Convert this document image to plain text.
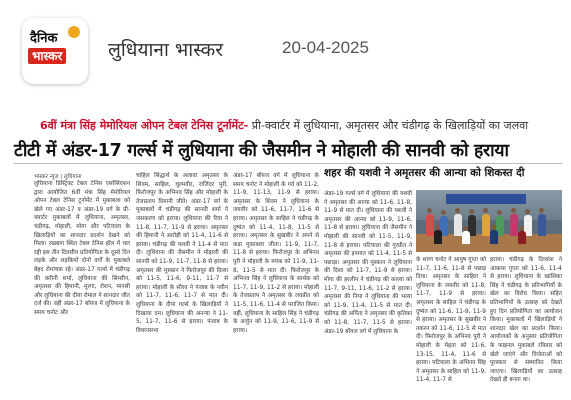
दैनिक
भास्कर लुधियाना भास्कर	20-04-2025
6वीं मंत्रा सिंह मेमोरियल ओपन टेबल टेनिस टूर्नामेंट- प्री-क्वार्टर में लुधियाना, अमृतसर और चंडीगढ़ के खिलाड़ियों का जलवा
टीटी में अंडर-17 गर्ल्स में लुधियाना की जैसमीन ने मोहाली की सानवी को हराया
भास्कर न्यूज | लुधियाना
लुधियाना डिस्ट्रिक्ट टेबल टेनिस एसोसिएशन द्वारा आयोजित 6वीं मंत्रा सिंह मेमोरियल ओपन टेबल टेनिस टूर्नामेंट में मुकाबला को खेले गए अंडर-17 व अंडर-19 वर्ग के प्री-क्वार्टर मुकाबलों में लुधियाना, अमृतसर, चंडीगढ़, मोहाली, मोगा और पटियाला के खिलाड़ियों का शानदार प्रदर्शन देखने को मिला। रखबाग स्थित टेबल टेनिस हॉल में चल रही इस तीन दिवसीय प्रतियोगिता के दूसरे दिन लड़के और लड़कियों दोनों वर्गों के मुकाबले बेहद रोमांचक रहे। अंडर-17 गर्ल्स में चंडीगढ़ की करीनी शर्मा, लुधियाना की सिमरीन, अमृतसर की हिमानी, मुरगा, रोशन, मानसी और लुधियाना की दीया रोमाल ने शानदार जीत दर्ज की। वहीं अंडर-17 बॉयज में लुधियाना के समय चनोट और
चाहिल सिद्धार्थ के अलावा अमृतसर के शिवम, साहिल, चुल्मवीर, राजिंदर पुरी, फिरोजपुर के अभिनव सिंह और मोहाली के तेजप्रताप विमानी जीते। अंडर-17 वर्ग के मुकाबलों में चंडीगढ़ की सानवी शर्मा ने जसकरण को हराया। लुधियाना की रिया ने 11-8, 11-7, 11-9 से हराया। अमृतसर की हिमानी ने आरोही को 11-4, 11-6 से हराया। चंडीगढ़ की यशवी ने 11-4 से मात दी। लुधियाना की जैसमीन ने मोहाली की सानवी को 11-9, 11-7, 11-8 से हराया। अमृतसर की मुस्कान ने फिरोजपुर की दिव्या को 11-5, 11-6, 9-11, 11-7 से हराया। मोहाली के सौरव ने पंजाब के नवीन को 11-7, 11-6, 11-7 से मात दी। लुधियाना के दीपा गर्ल्स के खिलाड़ियों ने दिखाया दम। लुधियाना की अनन्या ने 11-5, 11-7, 11-6 से हराया। पंजाब के विधानसभा
अंडर-17 बॉयज वर्ग में लुधियाना के समय चनोट ने मोहाली के गर्व को 11-2, 11-9, 11-13, 11-9 से हराया। अमृतसर के शिवम ने लुधियाना के जयवीर को 11-6, 11-7, 11-6 से हराया। अमृतसर के साहिल ने चंडीगढ़ के दुष्यंत को 11-4, 11-8, 11-5 से हराया। अमृतसर के सुखबीर ने अपने से कड़ा मुकाबला जीता। 11-9, 11-7, 11-8 से हराया। फिरोजपुर के अभिनव पुरी ने मोहाली के मयंक को 11-9, 11-8, 11-5 से मात दी। फिरोजपुर के अभिनव सिंह ने लुधियाना के सार्थक को 11-7, 11-9, 11-2 से हराया। मोहाली के तेजप्रताप ने अमृतसर के लवप्रीत को 11-5, 11-6, 11-4 से पराजित किया। वहीं, लुधियाना के साहिल सिंह ने चंडीगढ़ के अर्जुन को 11-9, 11-6, 11-9 से हराया।
शहर की यशवी ने अमृतसर की आन्या को शिकस्त दी
अंडर-19 गर्ल्स वर्ग में लुधियाना की यशवी ने अमृतसर की आन्या को 11-6, 11-8, 11-9 से मात दी। लुधियाना की यशवी ने अमृतसर की आन्या को 11-9, 11-6, 11-8 से हराया। लुधियाना की जैसमीन ने मोहाली की सानवी को 11-5, 11-9, 11-8 से हराया। पटियाला की गुरप्रीत ने अमृतसर की इनायत को 11-4, 11-5 से पछाड़ा। अमृतसर की मुस्कान ने लुधियाना की दिशा को 11-7, 11-9 से हराया। मोगा की हरलीन ने चंडीगढ़ की काव्या को 11-7, 9-11, 11-6, 11-2 से हराया। अमृतसर की निया ने लुधियाना की भव्या को 11-9, 11-4, 11-5 से मात दी। चंडीगढ़ की अर्पिता ने अमृतसर की कृतिका को 11-8, 11-7, 11-5 से हराया। अंडर-19 बॉयज वर्ग में लुधियाना के
के शरण चनोट ने आयुष गुप्ता को 11-7, 11-6, 11-8 से पछाड़ दिया। अमृतसर के साहिल ने लुधियाना के जयवीर को 11-8, 11-7, 11-9 से हराया। अमृतसर के साहिल ने चंडीगढ़ के दुष्यंत को 11-6, 11-9, 11-9 से हराया। अमृतसर के सुखबीर ने तकरन को 11-6, 11-5 से मात दी। फिरोजपुर के अभिनव पुरी ने मोहाली के मेहता को 11-6, 13-15, 11-4, 11-6 से हराया। पटियाला के अभिनव सिंह ने अमृतसर के साहिल को 11-9, 11-4, 11-7 से
हराया। चंडीगढ़ के दिव्यांश ने आकाश गुप्ता को 11-6, 11-4 से हराया। लुधियाना के खांशिका सिंह ने चंडीगढ़ के प्रतिभागियों के खेल का विरोध किया। सहित प्रतिभागियों के उत्साह को देखते हुए दिन प्रतियोगिता का आयोजन किया। मुकाबलों में खिलाड़ियों ने शानदार खेल का प्रदर्शन किया। आयोजकों के अनुसार प्रतियोगिता के फाइनल मुकाबले रविवार को खेले जाएंगे और विजेताओं को पुरस्कार से सम्मानित किया जाएगा। खिलाड़ियों का उत्साह देखते ही बनता था।
